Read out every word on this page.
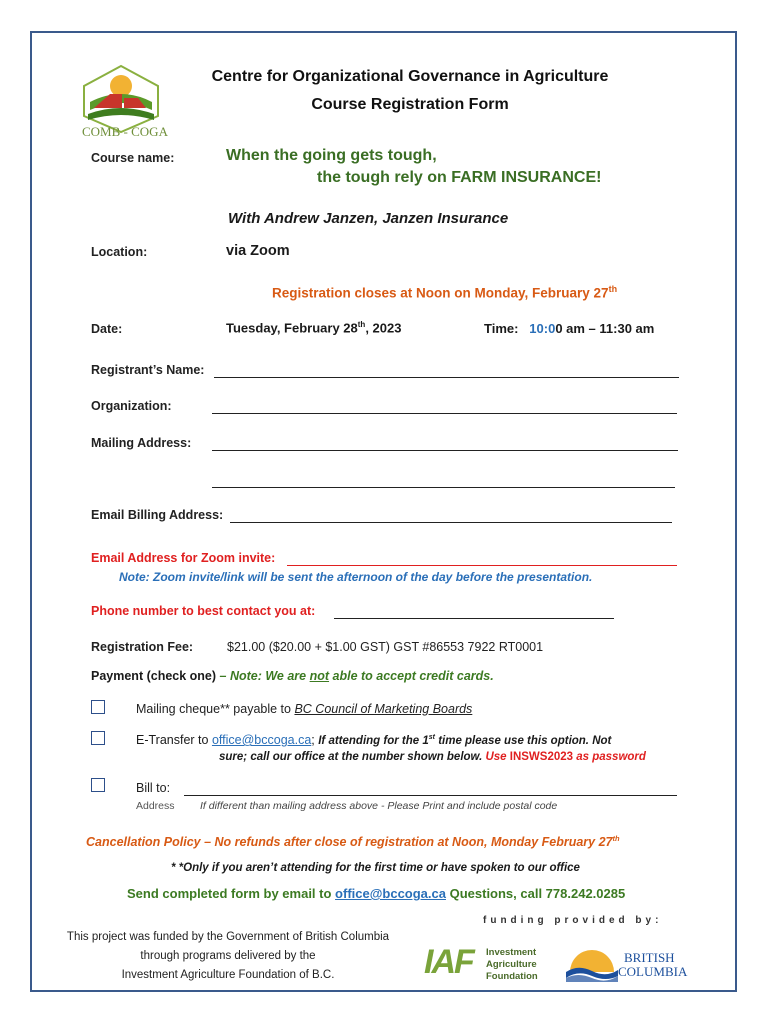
COMB - COGA
Centre for Organizational Governance in Agriculture
Course Registration Form
Course name:	When the going gets tough,
the tough rely on FARM INSURANCE!
With Andrew Janzen, Janzen Insurance
Location:	via Zoom
Registration closes at Noon on Monday, February 27th
Date:	Tuesday, February 28th, 2023	Time: 10:00 am – 11:30 am
Registrant’s Name:
Organization:
Mailing Address:
Email Billing Address:
Email Address for Zoom invite:
Note: Zoom invite/link will be sent the afternoon of the day before the presentation.
Phone number to best contact you at:
Registration Fee:	$21.00 ($20.00 + $1.00 GST) GST #86553 7922 RT0001
Payment (check one) – Note: We are not able to accept credit cards.
Mailing cheque** payable to BC Council of Marketing Boards
E-Transfer to office@bccoga.ca; If attending for the 1st time please use this option. Not
sure; call our office at the number shown below. Use INSWS2023 as password
Bill to:
Address If different than mailing address above - Please Print and include postal code
Cancellation Policy – No refunds after close of registration at Noon, Monday February 27th
* *Only if you aren’t attending for the first time or have spoken to our office
Send completed form by email to office@bccoga.ca Questions, call 778.242.0285
This project was funded by the Government of British Columbia
through programs delivered by the
Investment Agriculture Foundation of B.C.
funding provided by:
IAF Investment
Agriculture
Foundation
BRITISH
COLUMBIA
